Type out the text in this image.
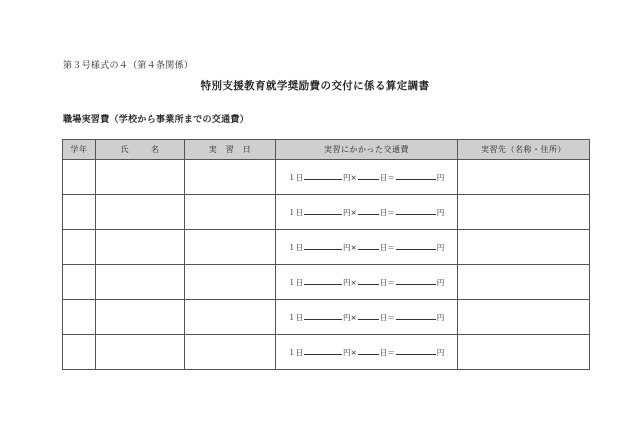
第３号様式の４（第４条関係）
特別支援教育就学奨励費の交付に係る算定調書
職場実習費（学校から事業所までの交通費）
学年	氏 名	実　習　日	実習にかかった交通費	実習先（名称・住所）

			１日 円× 日＝ 円	

			１日 円× 日＝ 円	

			１日 円× 日＝ 円	

			１日 円× 日＝ 円	

			１日 円× 日＝ 円	

			１日 円× 日＝ 円	
